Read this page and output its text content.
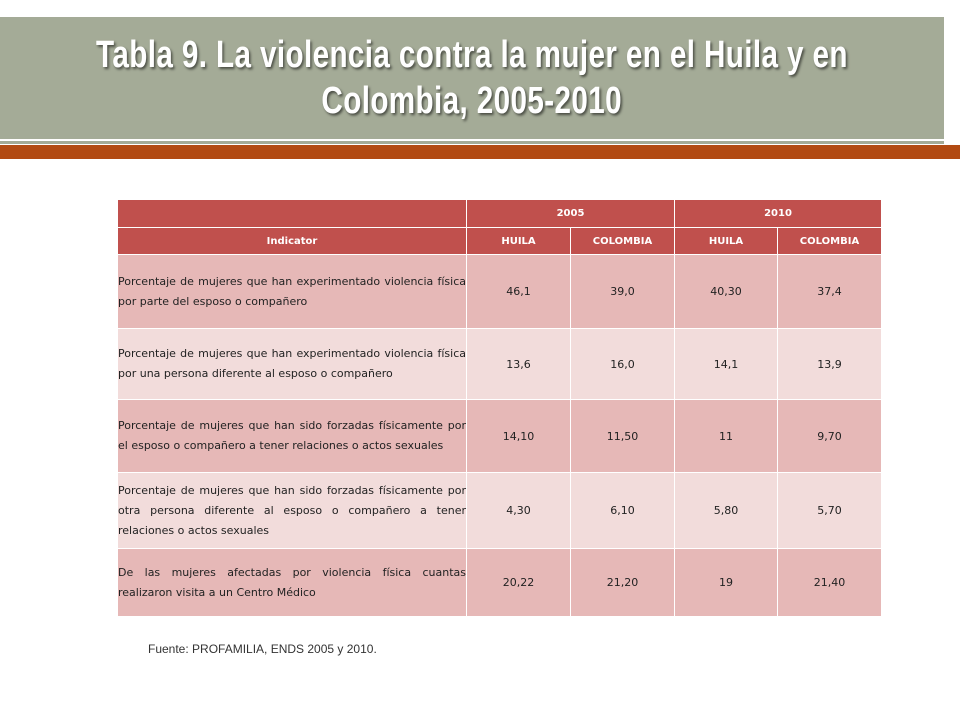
Tabla 9. La violencia contra la mujer en el Huila y en
Colombia, 2005-2010
	2005		2010	
Indicator	HUILA	COLOMBIA	HUILA	COLOMBIA
Porcentaje de mujeres que han experimentado violencia física por parte del esposo o compañero	46,1	39,0	40,30	37,4
Porcentaje de mujeres que han experimentado violencia física por una persona diferente al esposo o compañero	13,6	16,0	14,1	13,9
Porcentaje de mujeres que han sido forzadas físicamente por el esposo o compañero a tener relaciones o actos sexuales	14,10	11,50	11	9,70
Porcentaje de mujeres que han sido forzadas físicamente por otra persona diferente al esposo o compañero a tener relaciones o actos sexuales	4,30	6,10	5,80	5,70
De las mujeres afectadas por violencia física cuantas realizaron visita a un Centro Médico	20,22	21,20	19	21,40
Fuente: PROFAMILIA, ENDS 2005 y 2010.
